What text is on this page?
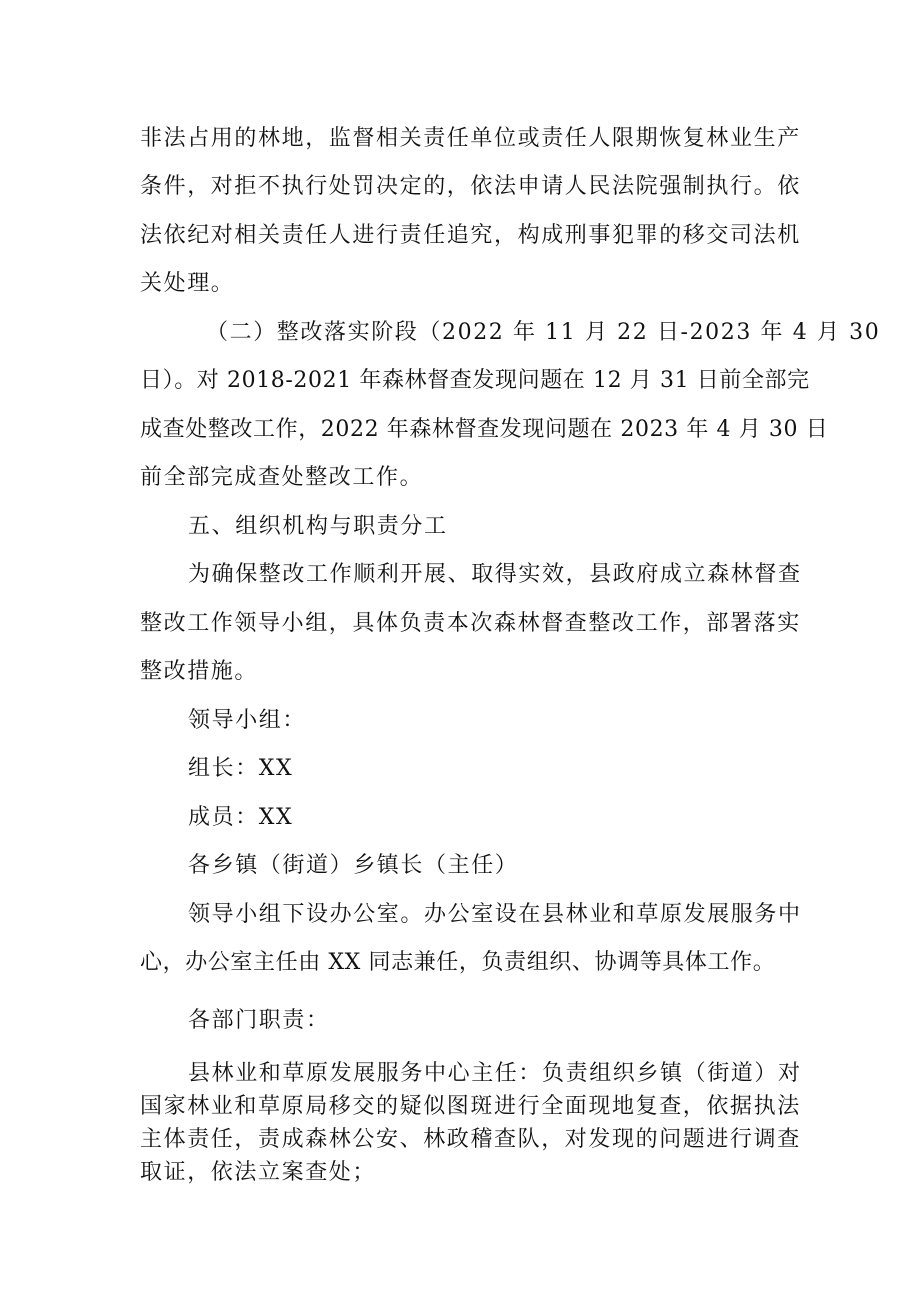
非法占用的林地，监督相关责任单位或责任人限期恢复林业生产
条件，对拒不执行处罚决定的，依法申请人民法院强制执行。依
法依纪对相关责任人进行责任追究，构成刑事犯罪的移交司法机
关处理。
（二）整改落实阶段（2022 年 11 月 22 日-2023 年 4 月 30
日）。对 2018-2021 年森林督查发现问题在 12 月 31 日前全部完
成查处整改工作，2022 年森林督查发现问题在 2023 年 4 月 30 日
前全部完成查处整改工作。
五、组织机构与职责分工
为确保整改工作顺利开展、取得实效，县政府成立森林督查
整改工作领导小组，具体负责本次森林督查整改工作，部署落实
整改措施。
领导小组：
组长：XX
成员：XX
各乡镇（街道）乡镇长（主任）
领导小组下设办公室。办公室设在县林业和草原发展服务中
心，办公室主任由 XX 同志兼任，负责组织、协调等具体工作。
各部门职责：
县林业和草原发展服务中心主任：负责组织乡镇（街道）对
国家林业和草原局移交的疑似图斑进行全面现地复查，依据执法
主体责任，责成森林公安、林政稽查队，对发现的问题进行调查
取证，依法立案查处；
